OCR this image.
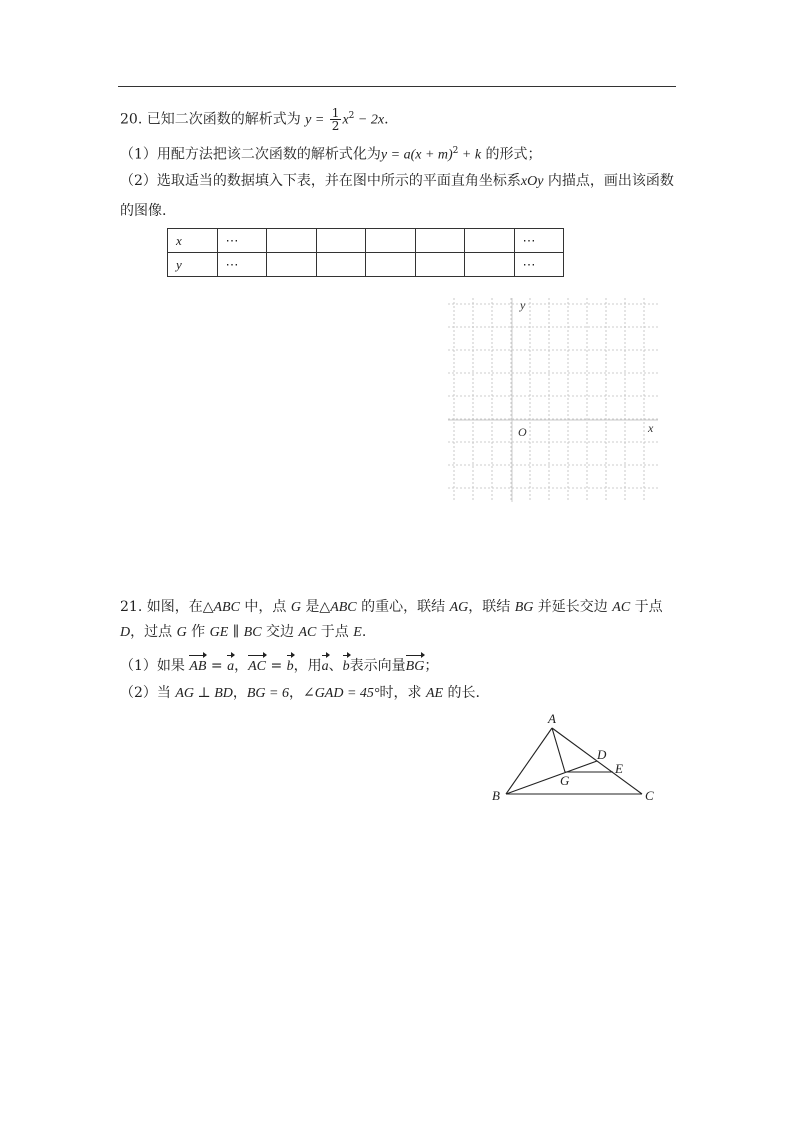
20. 已知二次函数的解析式为 $y = \frac{1}{2} x^2 - 2x$.
（1）用配方法把该二次函数的解析式化为$y = a(x + m)^2 + k$ 的形式；
（2）选取适当的数据填入下表，并在图中所示的平面直角坐标系xOy 内描点，画出该函数
的图像.
x	⋯						⋯
y	⋯						⋯
y
O	x
21. 如图，在△ABC 中，点 G 是△ABC 的重心，联结 AG，联结 BG 并延长交边 AC 于点
D，过点 G 作 GE ∥ BC 交边 AC 于点 E.
（1）如果 AB = a，AC = b，用a、b表示向量BG；
（2）当 AG ⊥ BD，BG = 6，∠GAD = 45°时，求 AE 的长.
A
B	C
D
E
G
